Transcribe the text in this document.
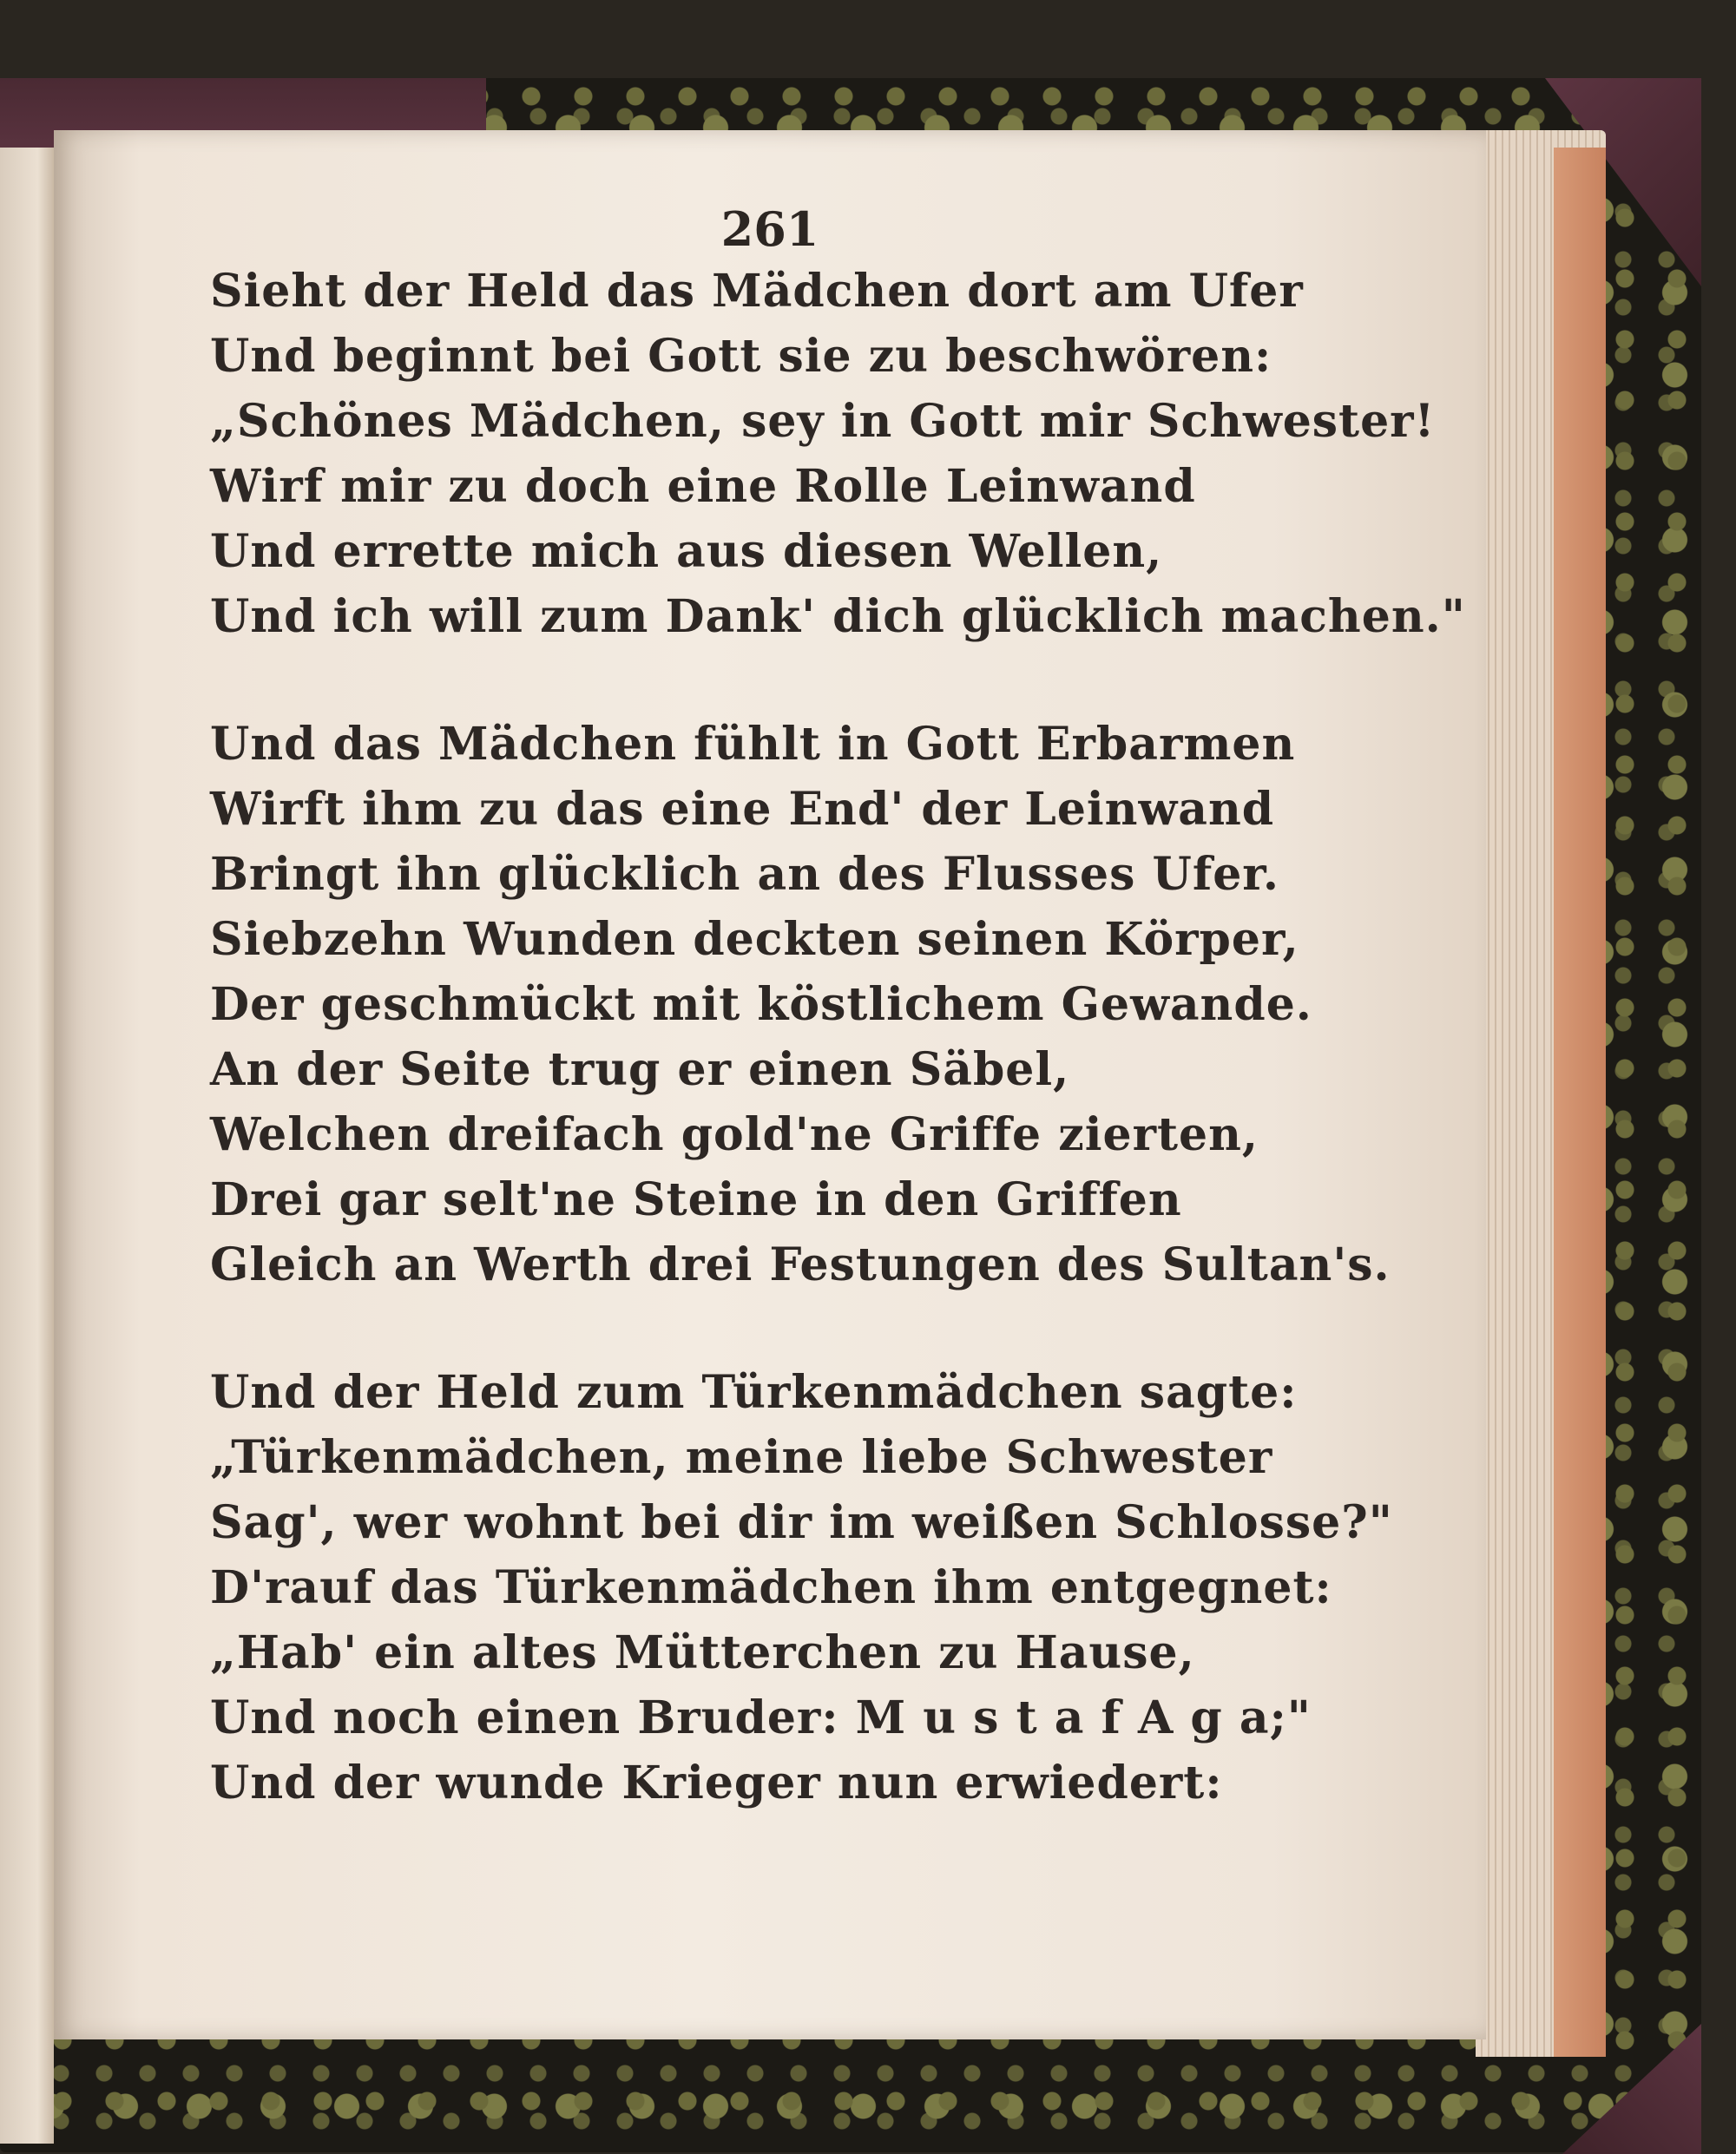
261
Sieht der Held das Mädchen dort am Ufer
Und beginnt bei Gott sie zu beschwören:
„Schönes Mädchen, sey in Gott mir Schwester!
Wirf mir zu doch eine Rolle Leinwand
Und errette mich aus diesen Wellen,
Und ich will zum Dank' dich glücklich machen."
Und das Mädchen fühlt in Gott Erbarmen
Wirft ihm zu das eine End' der Leinwand
Bringt ihn glücklich an des Flusses Ufer.
Siebzehn Wunden deckten seinen Körper,
Der geschmückt mit köstlichem Gewande.
An der Seite trug er einen Säbel,
Welchen dreifach gold'ne Griffe zierten,
Drei gar selt'ne Steine in den Griffen
Gleich an Werth drei Festungen des Sultan's.
Und der Held zum Türkenmädchen sagte:
„Türkenmädchen, meine liebe Schwester
Sag', wer wohnt bei dir im weißen Schlosse?"
D'rauf das Türkenmädchen ihm entgegnet:
„Hab' ein altes Mütterchen zu Hause,
Und noch einen Bruder: M u s t a f A g a;"
Und der wunde Krieger nun erwiedert:
